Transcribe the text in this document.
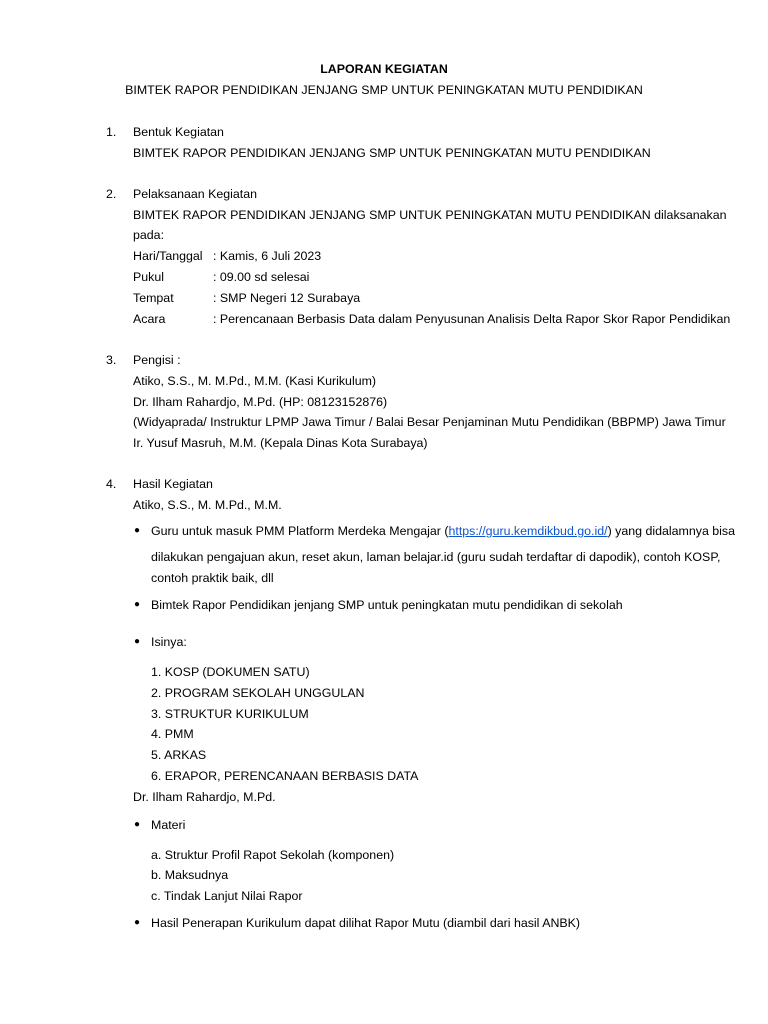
LAPORAN KEGIATAN
BIMTEK RAPOR PENDIDIKAN JENJANG SMP UNTUK PENINGKATAN MUTU PENDIDIKAN
1. Bentuk Kegiatan
BIMTEK RAPOR PENDIDIKAN JENJANG SMP UNTUK PENINGKATAN MUTU PENDIDIKAN
2. Pelaksanaan Kegiatan
BIMTEK RAPOR PENDIDIKAN JENJANG SMP UNTUK PENINGKATAN MUTU PENDIDIKAN dilaksanakan
pada:
Hari/Tanggal : Kamis, 6 Juli 2023
Pukul	: 09.00 sd selesai
Tempat	: SMP Negeri 12 Surabaya
Acara	: Perencanaan Berbasis Data dalam Penyusunan Analisis Delta Rapor Skor Rapor Pendidikan
3. Pengisi :
Atiko, S.S., M. M.Pd., M.M. (Kasi Kurikulum)
Dr. Ilham Rahardjo, M.Pd. (HP: 08123152876)
(Widyapradа/ Instruktur LPMP Jawa Timur / Balai Besar Penjaminan Mutu Pendidikan (BBPMP) Jawa Timur
Ir. Yusuf Masruh, M.M. (Kepala Dinas Kota Surabaya)
4. Hasil Kegiatan
Atiko, S.S., M. M.Pd., M.M.
● Guru untuk masuk PMM Platform Merdeka Mengajar (https://guru.kemdikbud.go.id/) yang didalamnya bisa
dilakukan pengajuan akun, reset akun, laman belajar.id (guru sudah terdaftar di dapodik), contoh KOSP,
contoh praktik baik, dll
● Bimtek Rapor Pendidikan jenjang SMP untuk peningkatan mutu pendidikan di sekolah
● Isinya:
1. KOSP (DOKUMEN SATU)
2. PROGRAM SEKOLAH UNGGULAN
3. STRUKTUR KURIKULUM
4. PMM
5. ARKAS
6. ERAPOR, PERENCANAAN BERBASIS DATA
Dr. Ilham Rahardjo, M.Pd.
● Materi
a. Struktur Profil Rapot Sekolah (komponen)
b. Maksudnya
c. Tindak Lanjut Nilai Rapor
● Hasil Penerapan Kurikulum dapat dilihat Rapor Mutu (diambil dari hasil ANBK)
